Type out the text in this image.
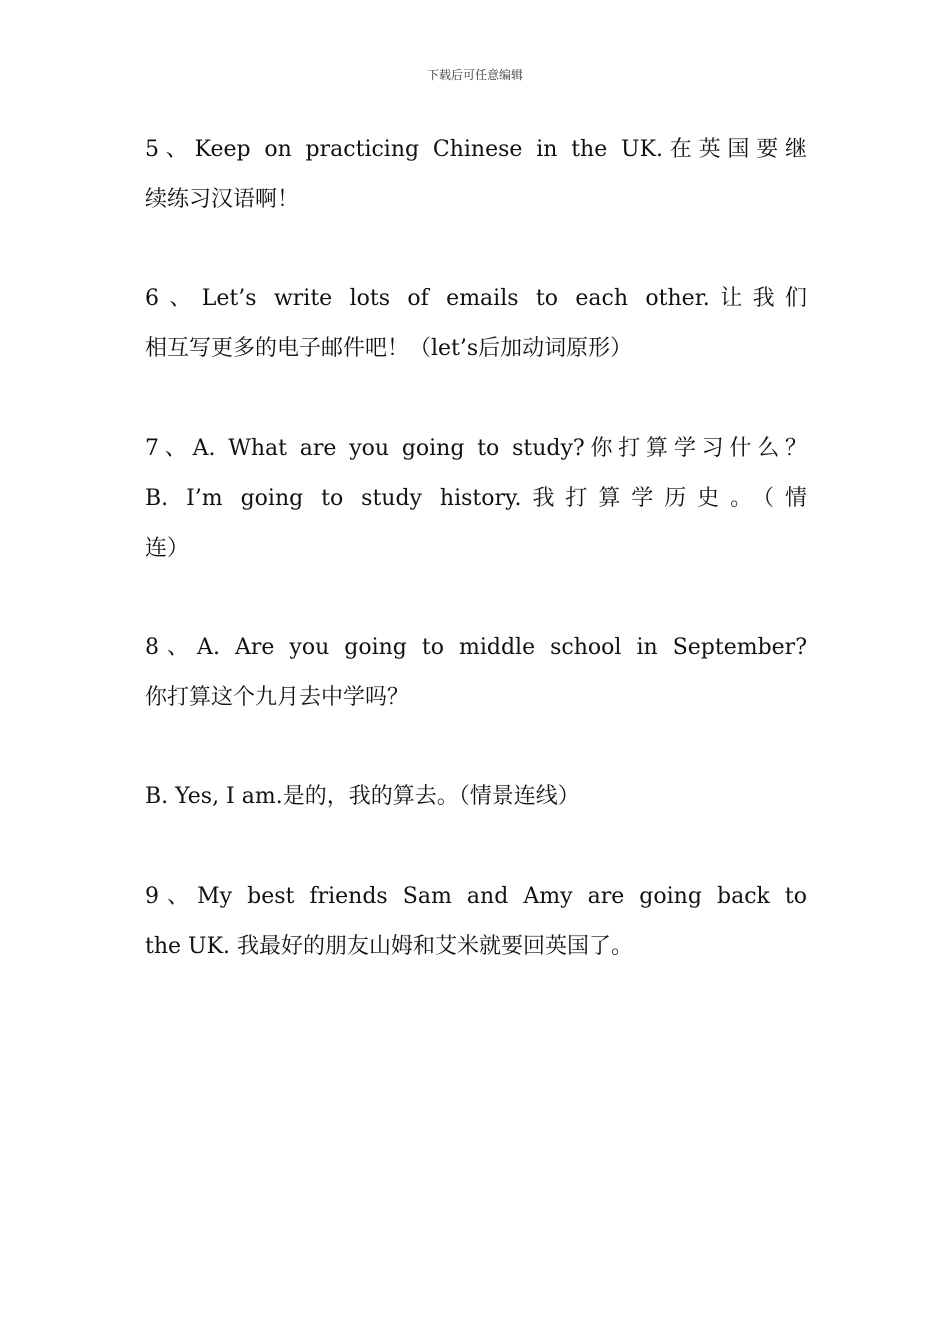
下载后可任意编辑
5、Keep on practicing Chinese in the UK.在英国要继
续练习汉语啊！
6、Let’s write lots of emails to each other.让我们
相互写更多的电子邮件吧！（let’s后加动词原形）
7、A. What are you going to study?你打算学习什么？
B. I’m going to study history.我打算学历史。（情
连）
8、A. Are you going to middle school in September?
你打算这个九月去中学吗？
B. Yes, I am.是的，我的算去。（情景连线）
9、My best friends Sam and Amy are going back to
the UK. 我最好的朋友山姆和艾米就要回英国了。
